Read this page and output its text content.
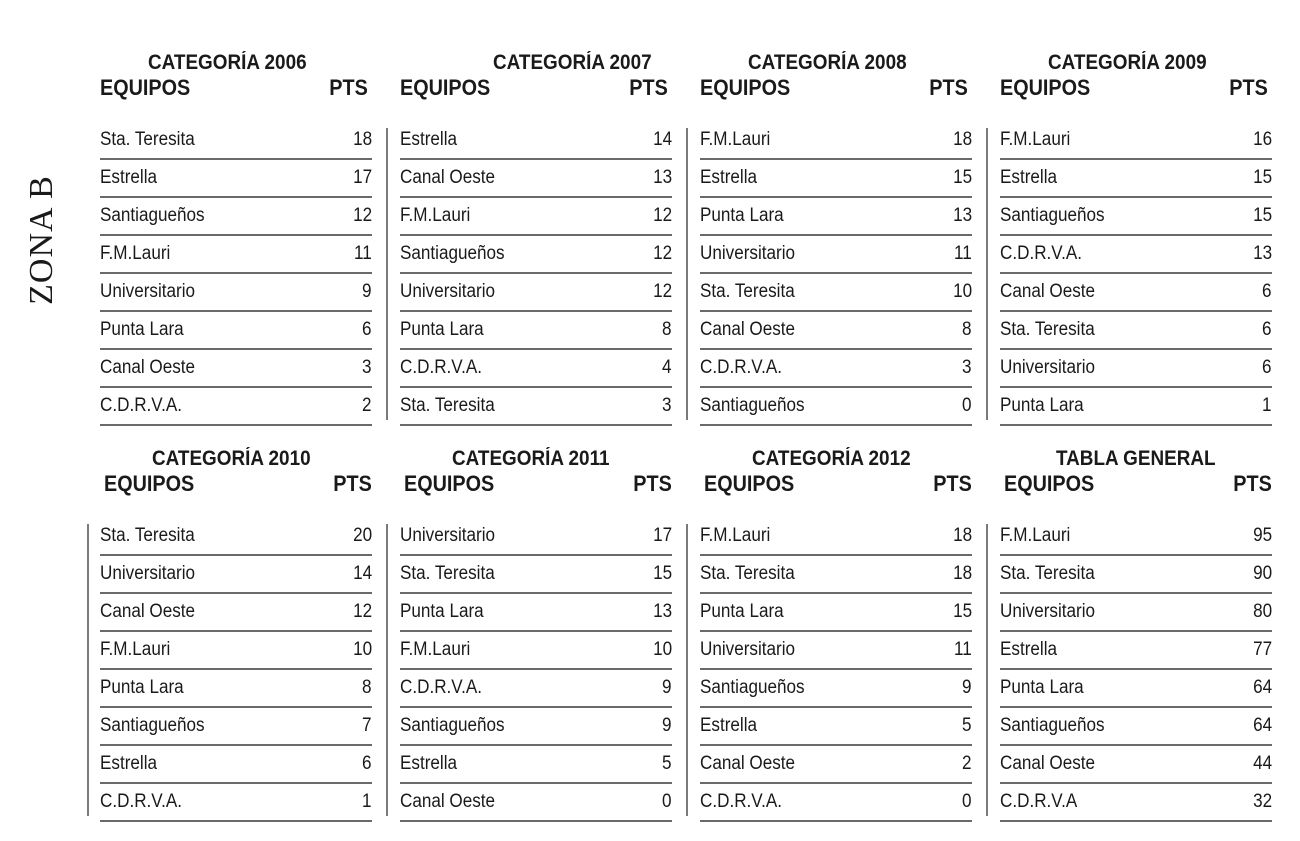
ZONA B
CATEGORÍA 2006
EQUIPOS	PTS
Sta. Teresita	18
Estrella	17
Santiagueños	12
F.M.Lauri	11
Universitario	9
Punta Lara	6
Canal Oeste	3
C.D.R.V.A.	2
CATEGORÍA 2007
EQUIPOS	PTS
Estrella	14
Canal Oeste	13
F.M.Lauri	12
Santiagueños	12
Universitario	12
Punta Lara	8
C.D.R.V.A.	4
Sta. Teresita	3
CATEGORÍA 2008
EQUIPOS	PTS
F.M.Lauri	18
Estrella	15
Punta Lara	13
Universitario	11
Sta. Teresita	10
Canal Oeste	8
C.D.R.V.A.	3
Santiagueños	0
CATEGORÍA 2009
EQUIPOS	PTS
F.M.Lauri	16
Estrella	15
Santiagueños	15
C.D.R.V.A.	13
Canal Oeste	6
Sta. Teresita	6
Universitario	6
Punta Lara	1
CATEGORÍA 2010
EQUIPOS	PTS
Sta. Teresita	20
Universitario	14
Canal Oeste	12
F.M.Lauri	10
Punta Lara	8
Santiagueños	7
Estrella	6
C.D.R.V.A.	1
CATEGORÍA 2011
EQUIPOS	PTS
Universitario	17
Sta. Teresita	15
Punta Lara	13
F.M.Lauri	10
C.D.R.V.A.	9
Santiagueños	9
Estrella	5
Canal Oeste	0
CATEGORÍA 2012
EQUIPOS	PTS
F.M.Lauri	18
Sta. Teresita	18
Punta Lara	15
Universitario	11
Santiagueños	9
Estrella	5
Canal Oeste	2
C.D.R.V.A.	0
TABLA GENERAL
EQUIPOS	PTS
F.M.Lauri	95
Sta. Teresita	90
Universitario	80
Estrella	77
Punta Lara	64
Santiagueños	64
Canal Oeste	44
C.D.R.V.A	32
